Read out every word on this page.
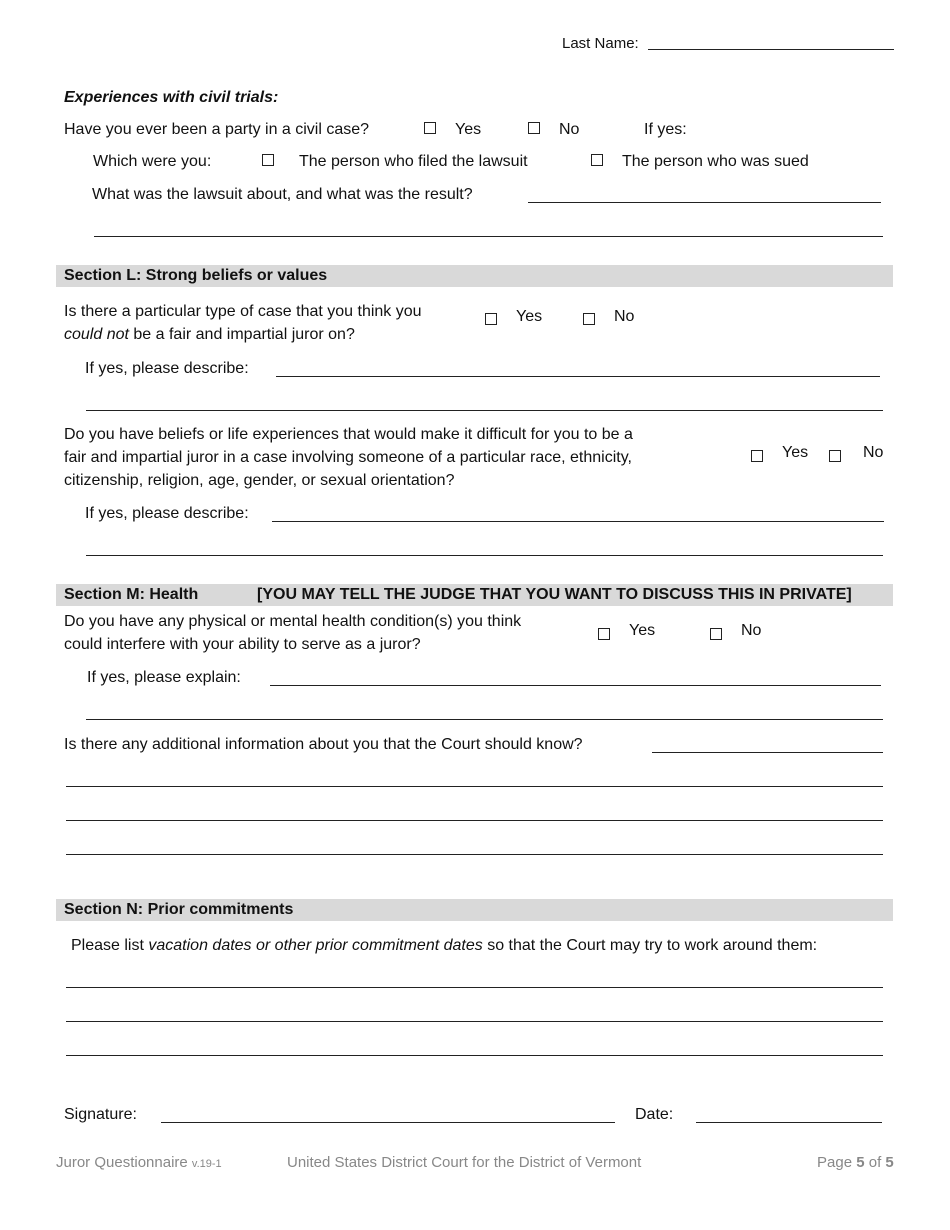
Last Name:
Experiences with civil trials:
Have you ever been a party in a civil case?	Yes	No	If yes:
Which were you:	The person who filed the lawsuit	The person who was sued
What was the lawsuit about, and what was the result?
Section L: Strong beliefs or values
Is there a particular type of case that you think you
could not be a fair and impartial juror on?
Yes	No
If yes, please describe:
Do you have beliefs or life experiences that would make it difficult for you to be a
fair and impartial juror in a case involving someone of a particular race, ethnicity,
citizenship, religion, age, gender, or sexual orientation?
Yes	No
If yes, please describe:
Section M: Health	[YOU MAY TELL THE JUDGE THAT YOU WANT TO DISCUSS THIS IN PRIVATE]
Do you have any physical or mental health condition(s) you think
could interfere with your ability to serve as a juror?
Yes	No
If yes, please explain:
Is there any additional information about you that the Court should know?
Section N: Prior commitments
Please list vacation dates or other prior commitment dates so that the Court may try to work around them:
Signature:	Date:
Juror Questionnaire v.19-1	United States District Court for the District of Vermont	Page 5 of 5
